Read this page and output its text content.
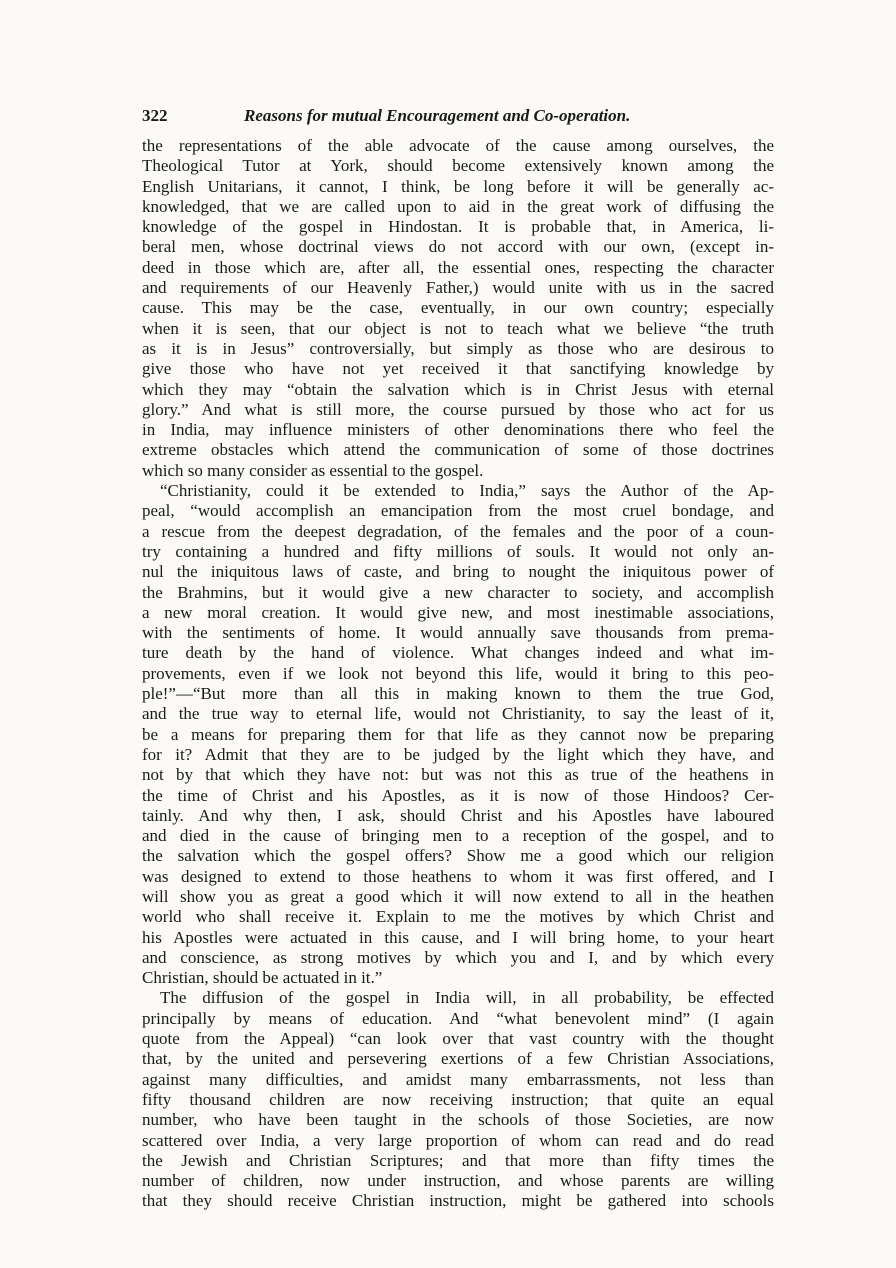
322	Reasons for mutual Encouragement and Co-operation.

the representations of the able advocate of the cause among ourselves, the

Theological Tutor at York, should become extensively known among the

English Unitarians, it cannot, I think, be long before it will be generally ac-

knowledged, that we are called upon to aid in the great work of diffusing the

knowledge of the gospel in Hindostan. It is probable that, in America, li-

beral men, whose doctrinal views do not accord with our own, (except in-

deed in those which are, after all, the essential ones, respecting the character

and requirements of our Heavenly Father,) would unite with us in the sacred

cause. This may be the case, eventually, in our own country; especially

when it is seen, that our object is not to teach what we believe “the truth

as it is in Jesus” controversially, but simply as those who are desirous to

give those who have not yet received it that sanctifying knowledge by

which they may “obtain the salvation which is in Christ Jesus with eternal

glory.” And what is still more, the course pursued by those who act for us

in India, may influence ministers of other denominations there who feel the

extreme obstacles which attend the communication of some of those doctrines

which so many consider as essential to the gospel.

“Christianity, could it be extended to India,” says the Author of the Ap-

peal, “would accomplish an emancipation from the most cruel bondage, and

a rescue from the deepest degradation, of the females and the poor of a coun-

try containing a hundred and fifty millions of souls. It would not only an-

nul the iniquitous laws of caste, and bring to nought the iniquitous power of

the Brahmins, but it would give a new character to society, and accomplish

a new moral creation. It would give new, and most inestimable associations,

with the sentiments of home. It would annually save thousands from prema-

ture death by the hand of violence. What changes indeed and what im-

provements, even if we look not beyond this life, would it bring to this peo-

ple!”—“But more than all this in making known to them the true God,

and the true way to eternal life, would not Christianity, to say the least of it,

be a means for preparing them for that life as they cannot now be preparing

for it? Admit that they are to be judged by the light which they have, and

not by that which they have not: but was not this as true of the heathens in

the time of Christ and his Apostles, as it is now of those Hindoos? Cer-

tainly. And why then, I ask, should Christ and his Apostles have laboured

and died in the cause of bringing men to a reception of the gospel, and to

the salvation which the gospel offers? Show me a good which our religion

was designed to extend to those heathens to whom it was first offered, and I

will show you as great a good which it will now extend to all in the heathen

world who shall receive it. Explain to me the motives by which Christ and

his Apostles were actuated in this cause, and I will bring home, to your heart

and conscience, as strong motives by which you and I, and by which every

Christian, should be actuated in it.”

The diffusion of the gospel in India will, in all probability, be effected

principally by means of education. And “what benevolent mind” (I again

quote from the Appeal) “can look over that vast country with the thought

that, by the united and persevering exertions of a few Christian Associations,

against many difficulties, and amidst many embarrassments, not less than

fifty thousand children are now receiving instruction; that quite an equal

number, who have been taught in the schools of those Societies, are now

scattered over India, a very large proportion of whom can read and do read

the Jewish and Christian Scriptures; and that more than fifty times the

number of children, now under instruction, and whose parents are willing

that they should receive Christian instruction, might be gathered into schools
